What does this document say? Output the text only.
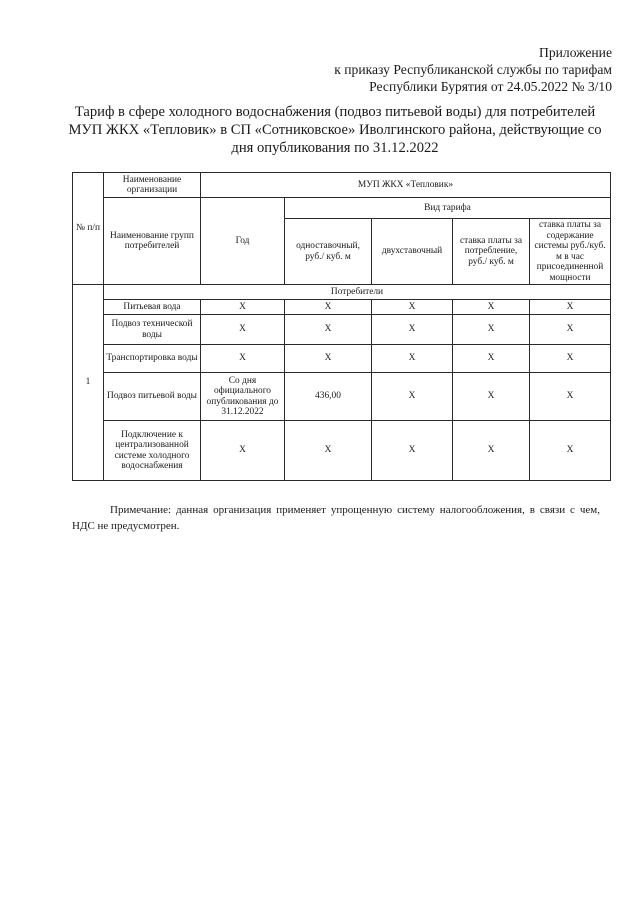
Приложение
к приказу Республиканской службы по тарифам
Республики Бурятия от 24.05.2022 № 3/10
Тариф в сфере холодного водоснабжения (подвоз питьевой воды) для потребителей
МУП ЖКХ «Тепловик» в СП «Сотниковское» Иволгинского района, действующие со
дня опубликования по 31.12.2022
№ п/п	Наименование организации	МУП ЖКХ «Тепловик»				
	Наименование групп потребителей	Год	Вид тарифа			
			одноставочный, руб./ куб. м	двухставочный	ставка платы за потребление, руб./ куб. м	ставка платы за содержание системы руб./куб. м в час присоединенной мощности
1	Потребители					
	Питьевая вода	Х	Х	Х	Х	Х
	Подвоз технической воды	Х	Х	Х	Х	Х
	Транспортировка воды	Х	Х	Х	Х	Х
	Подвоз питьевой воды	Со дня официального опубликования до 31.12.2022	436,00	Х	Х	Х
	Подключение к централизованной системе холодного водоснабжения	Х	Х	Х	Х	Х
Примечание: данная организация применяет упрощенную систему налогообложения, в связи с чем, НДС не предусмотрен.
